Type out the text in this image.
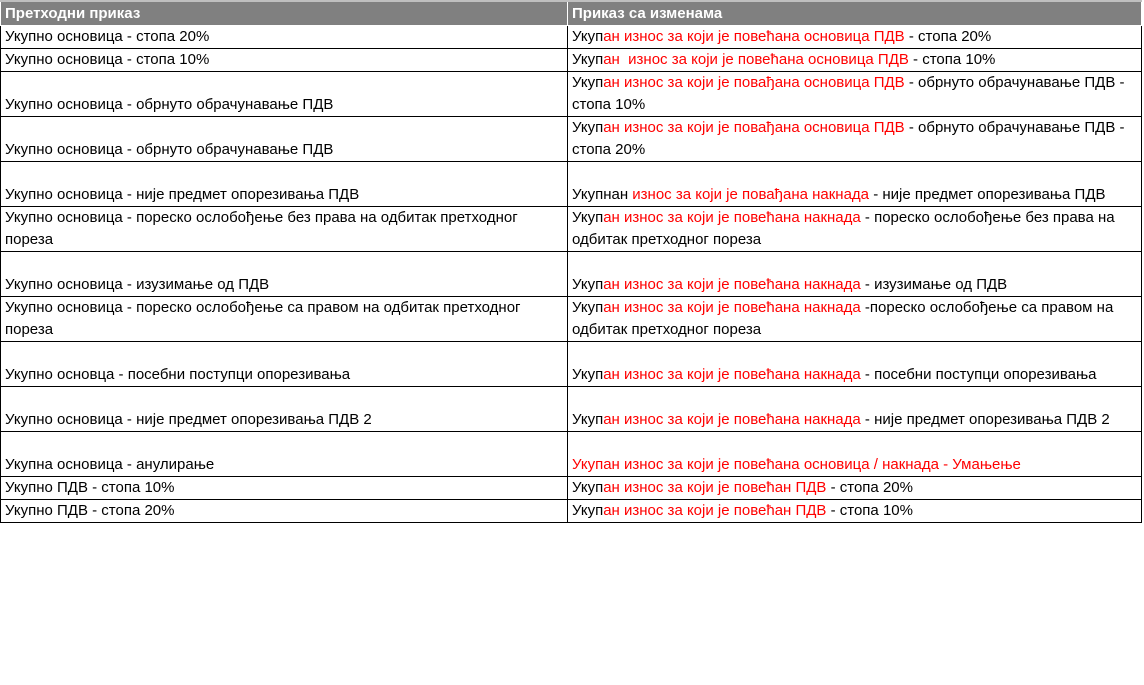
Претходни приказ	Приказ са изменама
Укупно основица - стопа 20%	Укупан износ за који је повећана основица ПДВ - стопа 20%
Укупно основица - стопа 10%	Укупан  износ за који је повећана основица ПДВ - стопа 10%
Укупно основица - обрнуто обрачунавање ПДВ	Укупан износ за који је повађана основица ПДВ - обрнуто обрачунавање ПДВ - стопа 10%
Укупно основица - обрнуто обрачунавање ПДВ	Укупан износ за који је повађана основица ПДВ - обрнуто обрачунавање ПДВ - стопа 20%
Укупно основица - није предмет опорезивања ПДВ	Укупнан износ за који је повађана накнада - није предмет опорезивања ПДВ
Укупно основица - пореско ослобођење без права на одбитак претходног пореза	Укупан износ за који је повећана накнада - пореско ослобођење без права на одбитак претходног пореза
Укупно основица - изузимање од ПДВ	Укупан износ за који је повећана накнада - изузимање од ПДВ
Укупно основица - пореско ослобођење са правом на одбитак претходног пореза	Укупан износ за који је повећана накнада -пореско ослобођење са правом на одбитак претходног пореза
Укупно основца - посебни поступци опорезивања	Укупан износ за који је повећана накнада - посебни поступци опорезивања
Укупно основица - није предмет опорезивања ПДВ 2	Укупан износ за који је повећана накнада - није предмет опорезивања ПДВ 2
Укупна основица - анулирање	Укупан износ за који је повећана основица / накнада - Умањење
Укупно ПДВ - стопа 10%	Укупан износ за који је повећан ПДВ - стопа 20%
Укупно ПДВ - стопа 20%	Укупан износ за који је повећан ПДВ - стопа 10%
